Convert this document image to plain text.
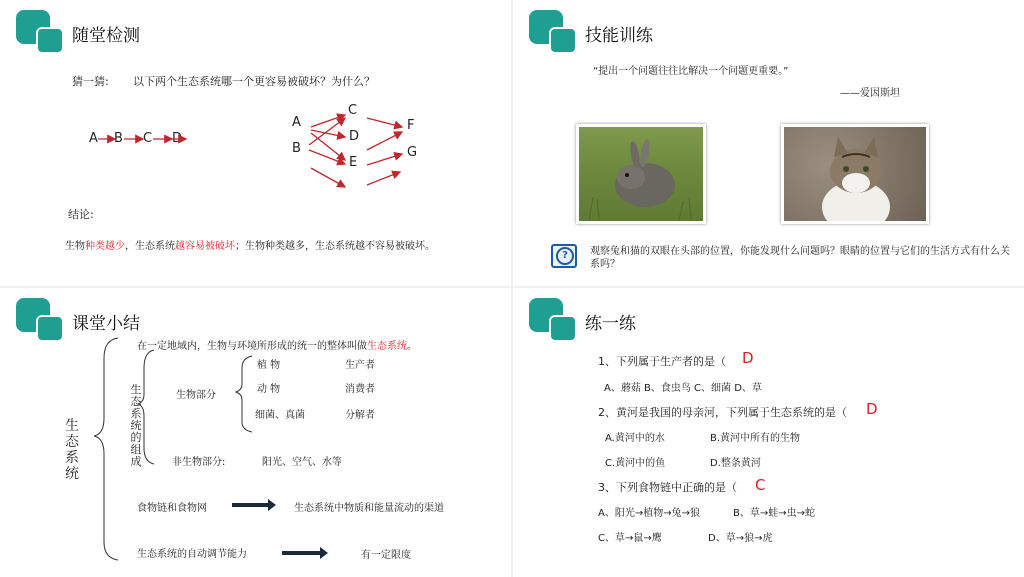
随堂检测
猜一猜: 以下两个生态系统哪一个更容易被破坏？为什么？
A B C D
A
B
C
D
E
F
G
结论:
生物种类越少，生态系统越容易被破坏；生物种类越多，生态系统越不容易被破坏。
技能训练
“提出一个问题往往比解决一个问题更重要。”
——爱因斯坦
?	观察兔和猫的双眼在头部的位置，你能发现什么问题吗？眼睛的位置与它们的生活方式有什么关
系吗？
课堂小结
在一定地域内，生物与环境所形成的统一的整体叫做生态系统。
生态系统
生态系统的组成
生物部分
植 物	生产者
动 物	消费者
细菌、真菌	分解者
非生物部分:	阳光、空气、水等
食物链和食物网	生态系统中物质和能量流动的渠道
生态系统的自动调节能力	有一定限度
练一练
1、下列属于生产者的是（ D
A、蘑菇 B、食虫鸟 C、细菌 D、草
2、黄河是我国的母亲河，下列属于生态系统的是（ D
A.黄河中的水	B.黄河中所有的生物
C.黄河中的鱼	D.整条黄河
3、下列食物链中正确的是（ C
A、阳光→植物→兔→狼	B、草→蛙→虫→蛇
C、草→鼠→鹰	D、草→狼→虎
